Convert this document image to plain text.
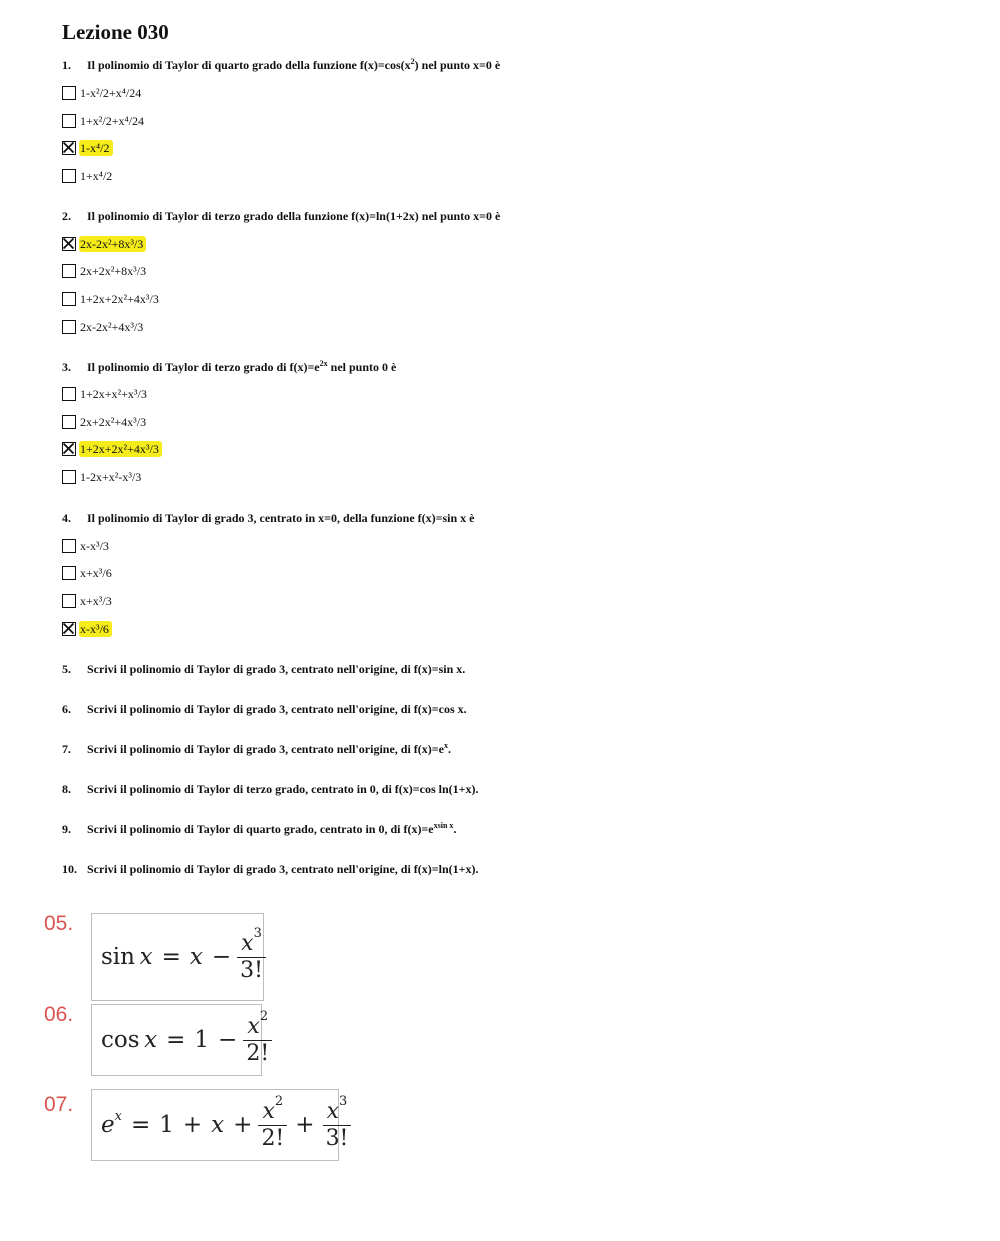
Lezione 030
1. Il polinomio di Taylor di quarto grado della funzione $f(x)=\cos(x^2)$ nel punto x=0 è
1-x²/2+x⁴/24
1+x²/2+x⁴/24
1-x⁴/2
1+x⁴/2
2. Il polinomio di Taylor di terzo grado della funzione f(x)=ln(1+2x) nel punto x=0 è
2x-2x²+8x³/3
2x+2x²+8x³/3
1+2x+2x²+4x³/3
2x-2x²+4x³/3
3. Il polinomio di Taylor di terzo grado di $f(x)=e^{2x}$ nel punto 0 è
1+2x+x²+x³/3
2x+2x²+4x³/3
1+2x+2x²+4x³/3
1-2x+x²-x³/3
4. Il polinomio di Taylor di grado 3, centrato in x=0, della funzione f(x)=sin x è
x-x³/3
x+x³/6
x+x³/3
x-x³/6
5. Scrivi il polinomio di Taylor di grado 3, centrato nell'origine, di f(x)=sin x.
6. Scrivi il polinomio di Taylor di grado 3, centrato nell'origine, di f(x)=cos x.
7. Scrivi il polinomio di Taylor di grado 3, centrato nell'origine, di $f(x)=e^x$.
8. Scrivi il polinomio di Taylor di terzo grado, centrato in 0, di f(x)=cos ln(1+x).
9. Scrivi il polinomio di Taylor di quarto grado, centrato in 0, di $f(x)=e^{xsin x}$.
10. Scrivi il polinomio di Taylor di grado 3, centrato nell'origine, di f(x)=ln(1+x).
05.
sin
  $x = x - \frac{x^3}{3!}$
06.
cos
  $x = 1 - \frac{x^2}{2!}$
07.
$e^x = 1 + x + \frac{x^2}{2!} + \frac{x^3}{3!}$
